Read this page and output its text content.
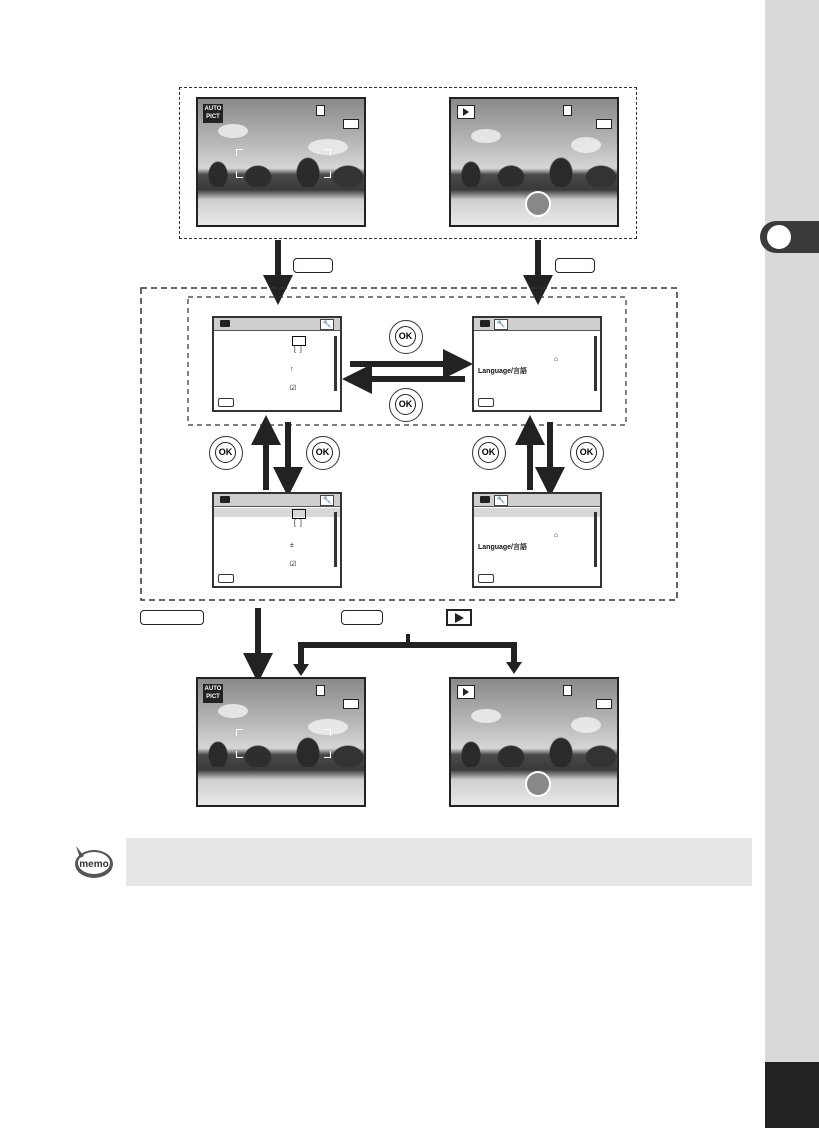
AUTO
PICT
OK
OK
OK	OK	OK	OK
🔧
[  ]
↑
☑
🔧
⌂
Language/言語
🔧
[  ]
±
☑
🔧
⌂
Language/言語
AUTO
PICT
memo
